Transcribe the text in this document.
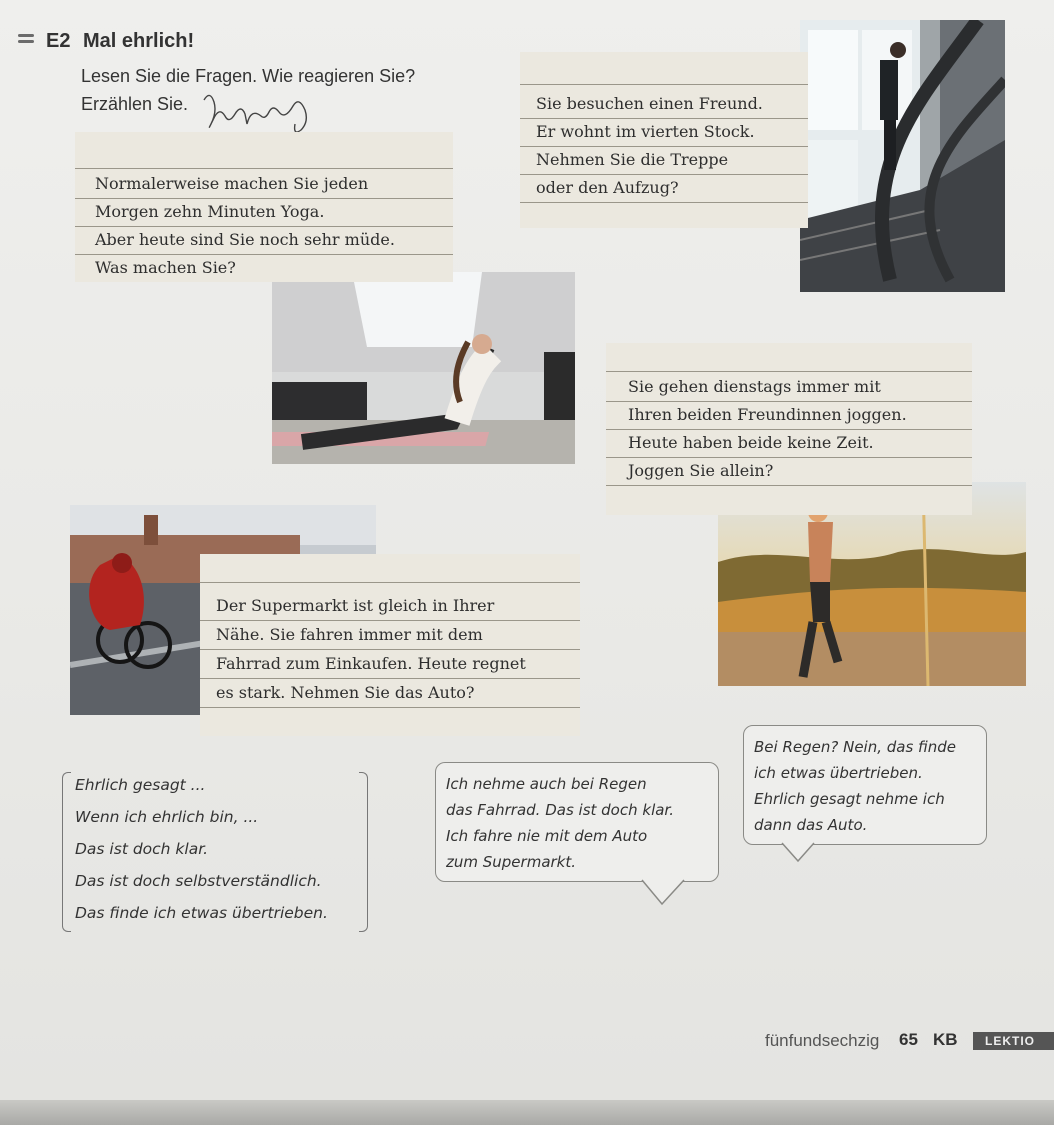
E2 Mal ehrlich!
Lesen Sie die Fragen. Wie reagieren Sie?
Erzählen Sie.
Normalerweise machen Sie jeden
Morgen zehn Minuten Yoga.
Aber heute sind Sie noch sehr müde.
Was machen Sie?
Sie besuchen einen Freund.
Er wohnt im vierten Stock.
Nehmen Sie die Treppe
oder den Aufzug?
Sie gehen dienstags immer mit
Ihren beiden Freundinnen joggen.
Heute haben beide keine Zeit.
Joggen Sie allein?
Der Supermarkt ist gleich in Ihrer
Nähe. Sie fahren immer mit dem
Fahrrad zum Einkaufen. Heute regnet
es stark. Nehmen Sie das Auto?
Ehrlich gesagt ...
Wenn ich ehrlich bin, ...
Das ist doch klar.
Das ist doch selbstverständlich.
Das finde ich etwas übertrieben.
Ich nehme auch bei Regen
das Fahrrad. Das ist doch klar.
Ich fahre nie mit dem Auto
zum Supermarkt.
Bei Regen? Nein, das finde
ich etwas übertrieben.
Ehrlich gesagt nehme ich
dann das Auto.
fünfundsechzig 65 KB	LEKTIO
